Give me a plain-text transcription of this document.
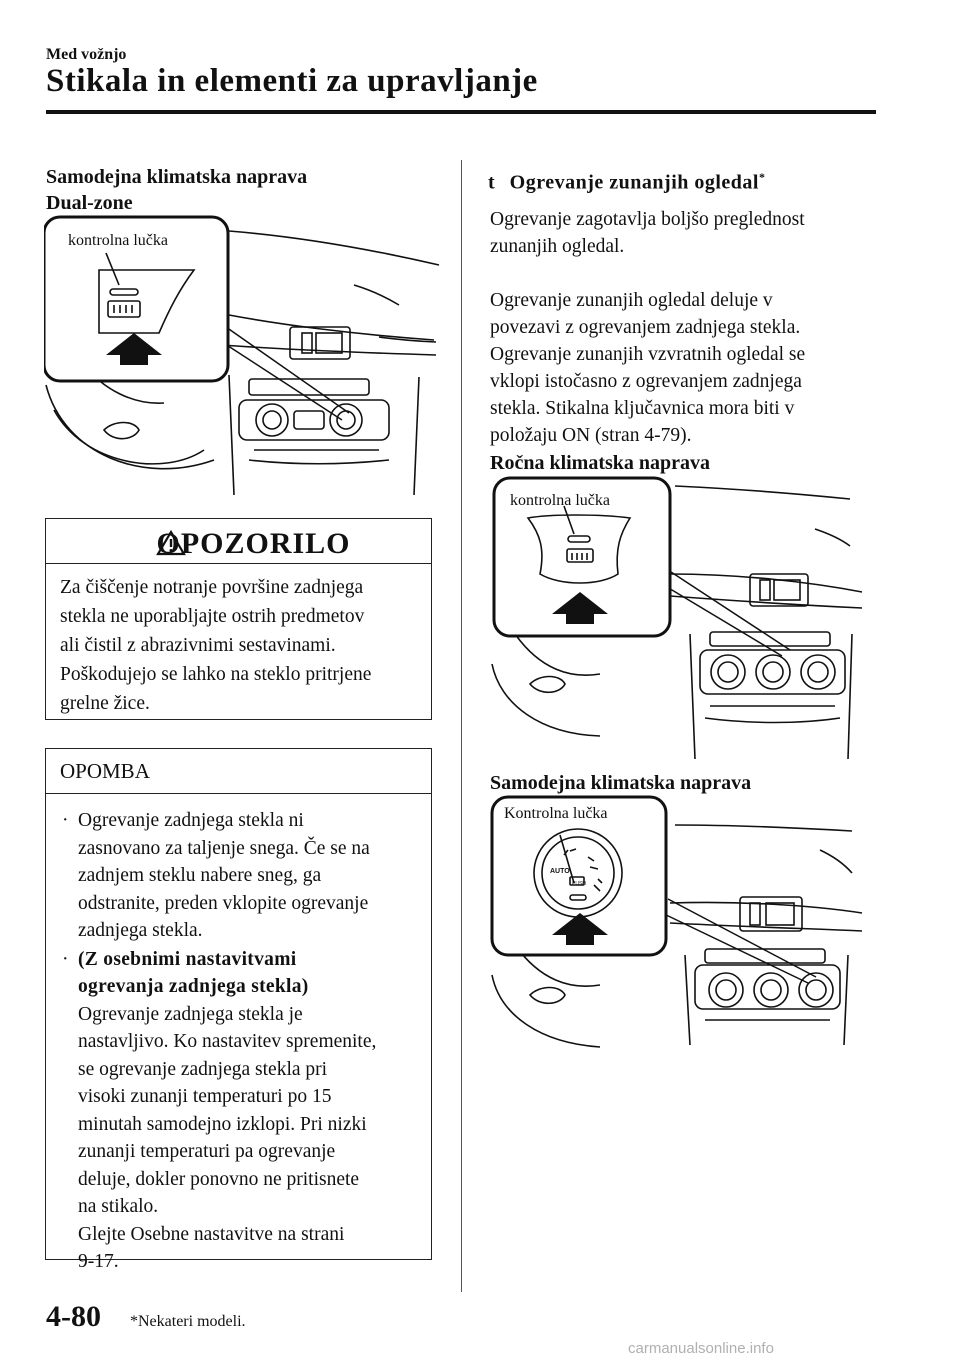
Med vožnjo
Stikala in elementi za upravljanje
Samodejna klimatska naprava
Dual-zone
kontrolna lučka
OPOZORILO
Za čiščenje notranje površine zadnjega
stekla ne uporabljajte ostrih predmetov
ali čistil z abrazivnimi sestavinami.
Poškodujejo se lahko na steklo pritrjene
grelne žice.
OPOMBA
· Ogrevanje zadnjega stekla ni
zasnovano za taljenje snega. Če se na
zadnjem steklu nabere sneg, ga
odstranite, preden vklopite ogrevanje
zadnjega stekla.
· (Z osebnimi nastavitvami
ogrevanja zadnjega stekla)
Ogrevanje zadnjega stekla je
nastavljivo. Ko nastavitev spremenite,
se ogrevanje zadnjega stekla pri
visoki zunanji temperaturi po 15
minutah samodejno izklopi. Pri nizki
zunanji temperaturi pa ogrevanje
deluje, dokler ponovno ne pritisnete
na stikalo.
Glejte Osebne nastavitve na strani
9-17.
t Ogrevanje zunanjih ogledal*
Ogrevanje zagotavlja boljšo preglednost
zunanjih ogledal.
Ogrevanje zunanjih ogledal deluje v
povezavi z ogrevanjem zadnjega stekla.
Ogrevanje zunanjih vzvratnih ogledal se
vklopi istočasno z ogrevanjem zadnjega
stekla. Stikalna ključavnica mora biti v
položaju ON (stran 4-79).
Ročna klimatska naprava
kontrolna lučka
Samodejna klimatska naprava
Kontrolna lučka
AUTO
PUSH
4-80 *Nekateri modeli.
carmanualsonline.info
